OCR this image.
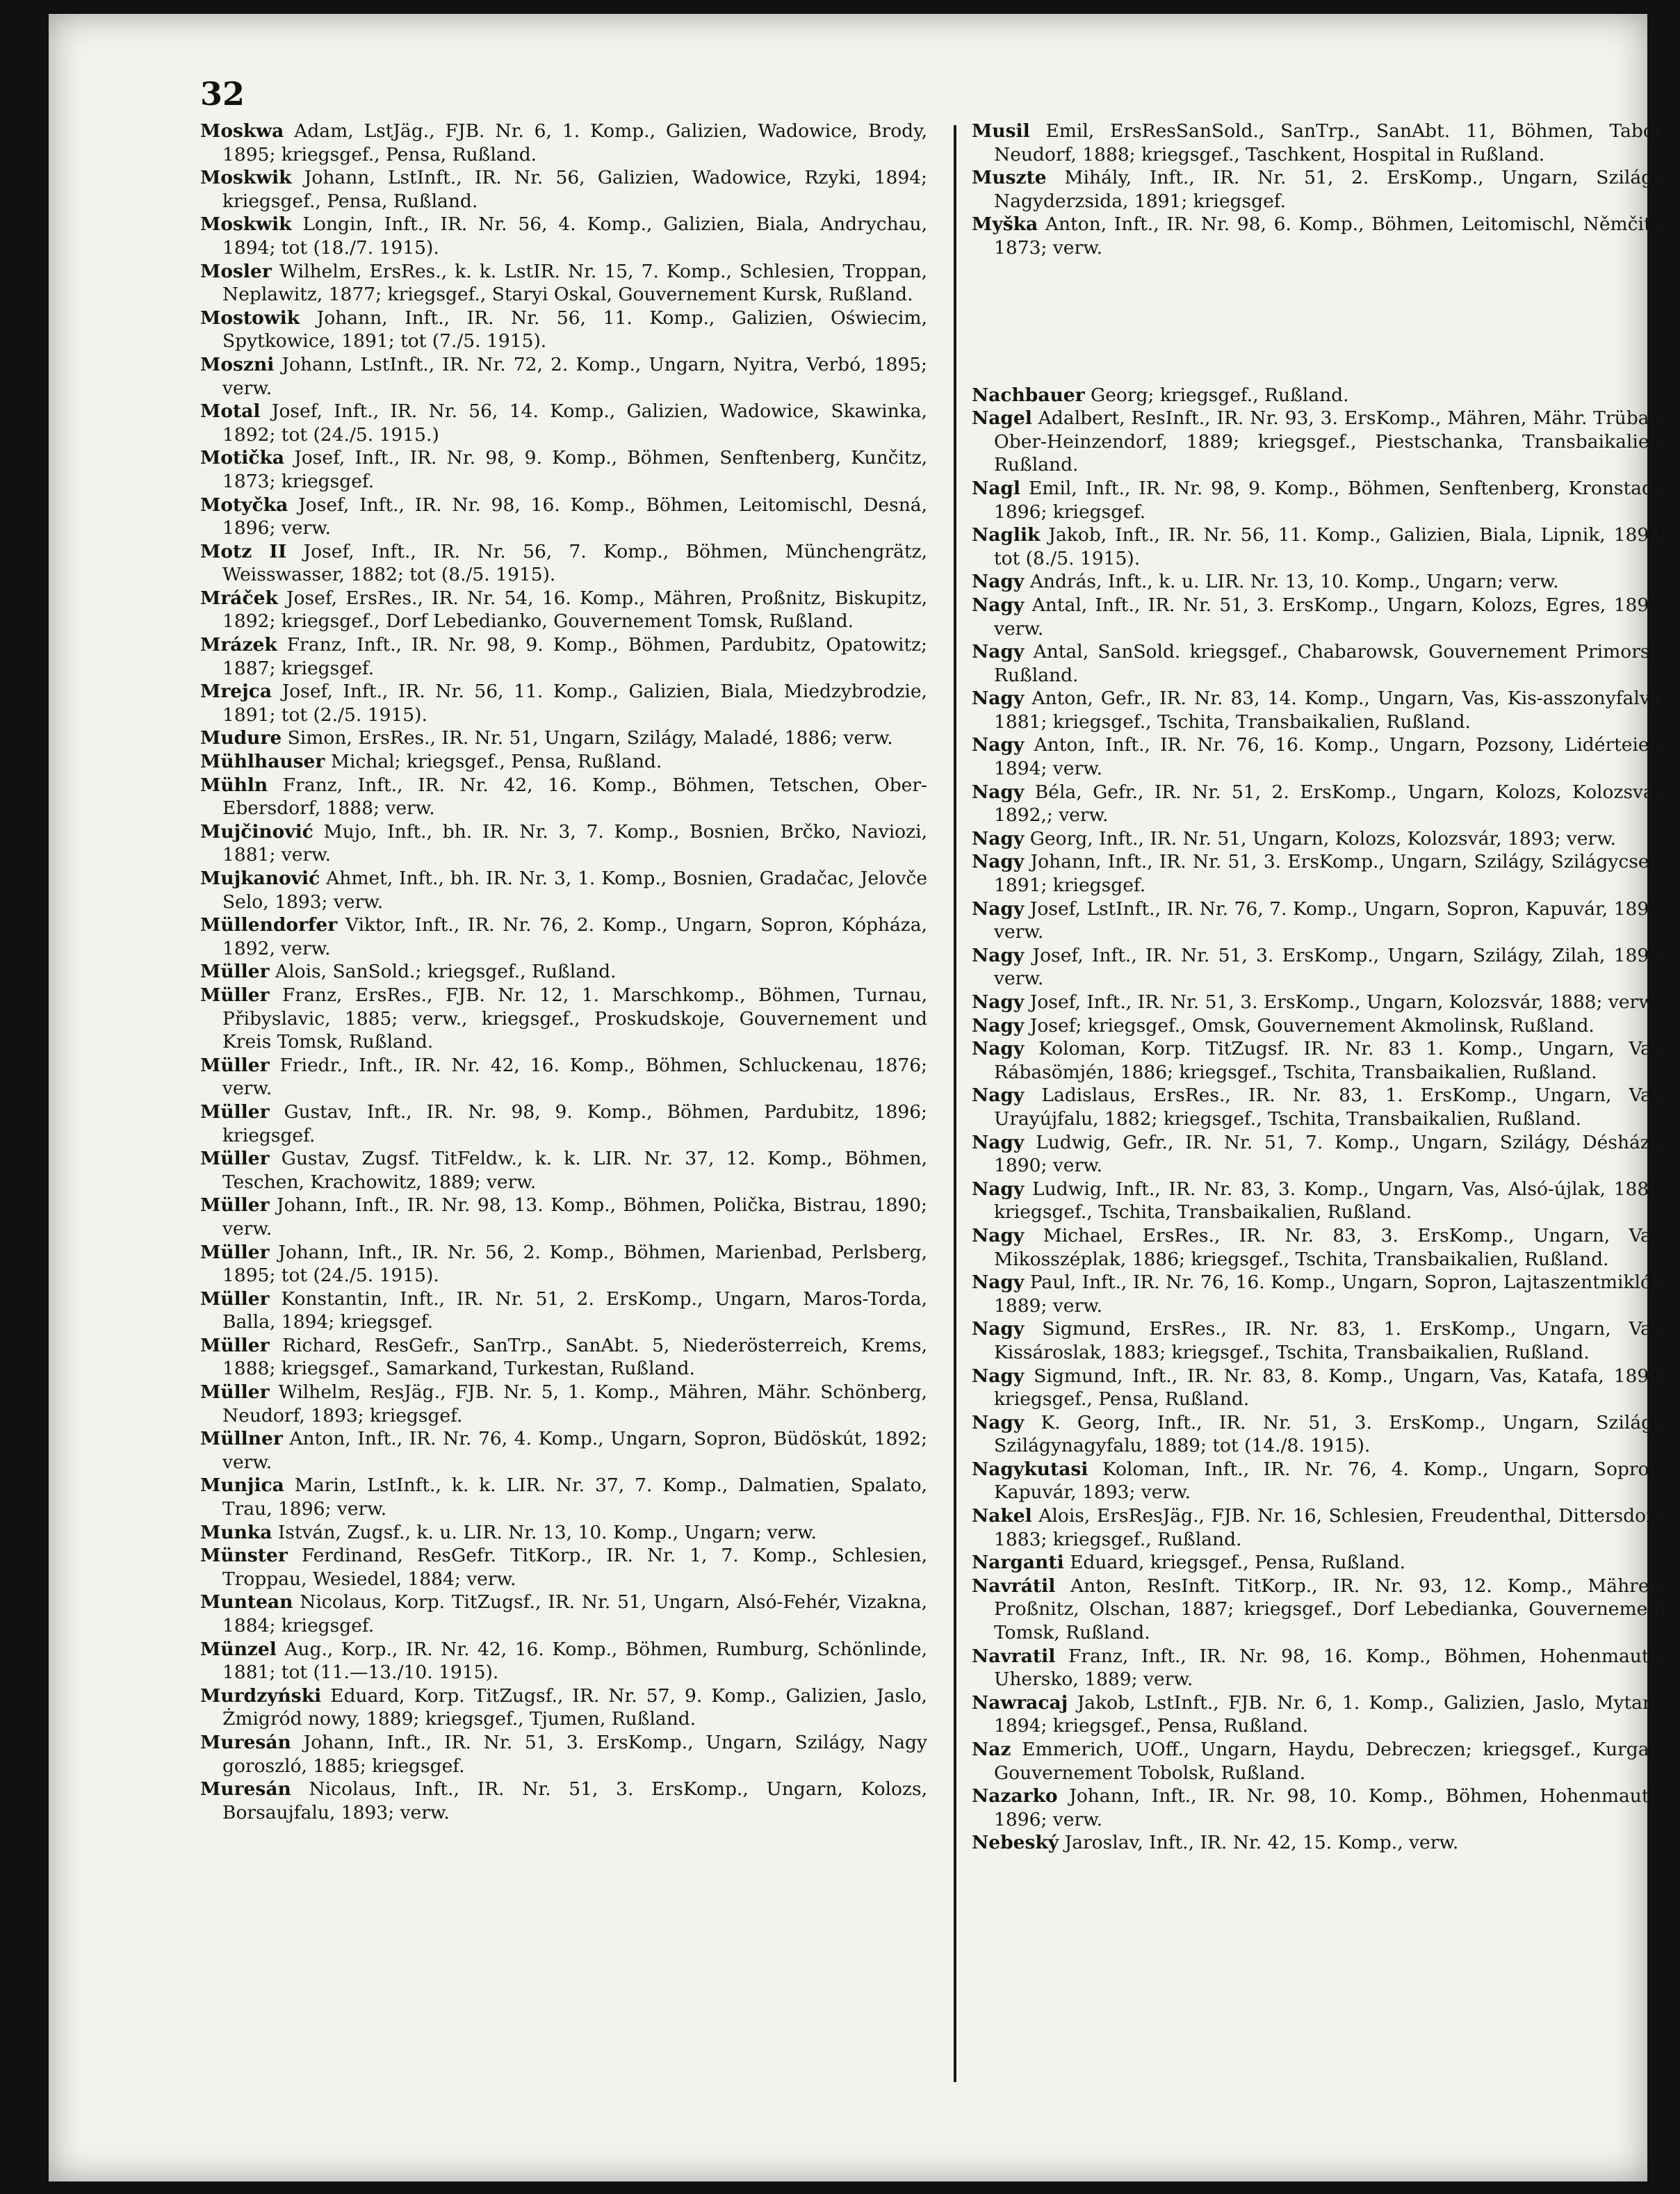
32

Moskwa Adam, LstJäg., FJB. Nr. 6, 1. Komp., Galizien, Wadowice, Brody, 1895; kriegsgef., Pensa, Rußland.

Moskwik Johann, LstInft., IR. Nr. 56, Galizien, Wadowice, Rzyki, 1894; kriegsgef., Pensa, Rußland.

Moskwik Longin, Inft., IR. Nr. 56, 4. Komp., Galizien, Biala, Andrychau, 1894; tot (18./7. 1915).

Mosler Wilhelm, ErsRes., k. k. LstIR. Nr. 15, 7. Komp., Schlesien, Troppan, Neplawitz, 1877; kriegsgef., Staryi Oskal, Gouvernement Kursk, Rußland.

Mostowik Johann, Inft., IR. Nr. 56, 11. Komp., Galizien, Oświecim, Spytkowice, 1891; tot (7./5. 1915).

Moszni Johann, LstInft., IR. Nr. 72, 2. Komp., Ungarn, Nyitra, Verbó, 1895; verw.

Motal Josef, Inft., IR. Nr. 56, 14. Komp., Galizien, Wadowice, Skawinka, 1892; tot (24./5. 1915.)

Motička Josef, Inft., IR. Nr. 98, 9. Komp., Böhmen, Senftenberg, Kunčitz, 1873; kriegsgef.

Motyčka Josef, Inft., IR. Nr. 98, 16. Komp., Böhmen, Leitomischl, Desná, 1896; verw.

Motz II Josef, Inft., IR. Nr. 56, 7. Komp., Böhmen, Münchengrätz, Weisswasser, 1882; tot (8./5. 1915).

Mráček Josef, ErsRes., IR. Nr. 54, 16. Komp., Mähren, Proßnitz, Biskupitz, 1892; kriegsgef., Dorf Lebedianko, Gouvernement Tomsk, Rußland.

Mrázek Franz, Inft., IR. Nr. 98, 9. Komp., Böhmen, Pardubitz, Opatowitz; 1887; kriegsgef.

Mrejca Josef, Inft., IR. Nr. 56, 11. Komp., Galizien, Biala, Miedzybrodzie, 1891; tot (2./5. 1915).

Mudure Simon, ErsRes., IR. Nr. 51, Ungarn, Szilágy, Maladé, 1886; verw.

Mühlhauser Michal; kriegsgef., Pensa, Rußland.

Mühln Franz, Inft., IR. Nr. 42, 16. Komp., Böhmen, Tetschen, Ober-Ebersdorf, 1888; verw.

Mujčinović Mujo, Inft., bh. IR. Nr. 3, 7. Komp., Bosnien, Brčko, Naviozi, 1881; verw.

Mujkanović Ahmet, Inft., bh. IR. Nr. 3, 1. Komp., Bosnien, Gradačac, Jelovče Selo, 1893; verw.

Müllendorfer Viktor, Inft., IR. Nr. 76, 2. Komp., Ungarn, Sopron, Kópháza, 1892, verw.

Müller Alois, SanSold.; kriegsgef., Rußland.

Müller Franz, ErsRes., FJB. Nr. 12, 1. Marschkomp., Böhmen, Turnau, Přibyslavic, 1885; verw., kriegsgef., Proskudskoje, Gouvernement und Kreis Tomsk, Rußland.

Müller Friedr., Inft., IR. Nr. 42, 16. Komp., Böhmen, Schluckenau, 1876; verw.

Müller Gustav, Inft., IR. Nr. 98, 9. Komp., Böhmen, Pardubitz, 1896; kriegsgef.

Müller Gustav, Zugsf. TitFeldw., k. k. LIR. Nr. 37, 12. Komp., Böhmen, Teschen, Krachowitz, 1889; verw.

Müller Johann, Inft., IR. Nr. 98, 13. Komp., Böhmen, Polička, Bistrau, 1890; verw.

Müller Johann, Inft., IR. Nr. 56, 2. Komp., Böhmen, Marienbad, Perlsberg, 1895; tot (24./5. 1915).

Müller Konstantin, Inft., IR. Nr. 51, 2. ErsKomp., Ungarn, Maros-Torda, Balla, 1894; kriegsgef.

Müller Richard, ResGefr., SanTrp., SanAbt. 5, Niederösterreich, Krems, 1888; kriegsgef., Samarkand, Turkestan, Rußland.

Müller Wilhelm, ResJäg., FJB. Nr. 5, 1. Komp., Mähren, Mähr. Schönberg, Neudorf, 1893; kriegsgef.

Müllner Anton, Inft., IR. Nr. 76, 4. Komp., Ungarn, Sopron, Büdöskút, 1892; verw.

Munjica Marin, LstInft., k. k. LIR. Nr. 37, 7. Komp., Dalmatien, Spalato, Trau, 1896; verw.

Munka István, Zugsf., k. u. LIR. Nr. 13, 10. Komp., Ungarn; verw.

Münster Ferdinand, ResGefr. TitKorp., IR. Nr. 1, 7. Komp., Schlesien, Troppau, Wesiedel, 1884; verw.

Muntean Nicolaus, Korp. TitZugsf., IR. Nr. 51, Ungarn, Alsó-Fehér, Vizakna, 1884; kriegsgef.

Münzel Aug., Korp., IR. Nr. 42, 16. Komp., Böhmen, Rumburg, Schönlinde, 1881; tot (11.—13./10. 1915).

Murdzyński Eduard, Korp. TitZugsf., IR. Nr. 57, 9. Komp., Galizien, Jaslo, Żmigród nowy, 1889; kriegsgef., Tjumen, Rußland.

Muresán Johann, Inft., IR. Nr. 51, 3. ErsKomp., Ungarn, Szilágy, Nagy goroszló, 1885; kriegsgef.

Muresán Nicolaus, Inft., IR. Nr. 51, 3. ErsKomp., Ungarn, Kolozs, Borsaujfalu, 1893; verw.

Musil Emil, ErsResSanSold., SanTrp., SanAbt. 11, Böhmen, Tabor, Neudorf, 1888; kriegsgef., Taschkent, Hospital in Rußland.

Muszte Mihály, Inft., IR. Nr. 51, 2. ErsKomp., Ungarn, Szilágy, Nagyderzsida, 1891; kriegsgef.

Myška Anton, Inft., IR. Nr. 98, 6. Komp., Böhmen, Leitomischl, Němčitz, 1873; verw.

Nachbauer Georg; kriegsgef., Rußland.

Nagel Adalbert, ResInft., IR. Nr. 93, 3. ErsKomp., Mähren, Mähr. Trübau, Ober-Heinzendorf, 1889; kriegsgef., Piestschanka, Transbaikalien, Rußland.

Nagl Emil, Inft., IR. Nr. 98, 9. Komp., Böhmen, Senftenberg, Kronstadt, 1896; kriegsgef.

Naglik Jakob, Inft., IR. Nr. 56, 11. Komp., Galizien, Biala, Lipnik, 1894; tot (8./5. 1915).

Nagy András, Inft., k. u. LIR. Nr. 13, 10. Komp., Ungarn; verw.

Nagy Antal, Inft., IR. Nr. 51, 3. ErsKomp., Ungarn, Kolozs, Egres, 1895; verw.

Nagy Antal, SanSold. kriegsgef., Chabarowsk, Gouvernement Primorsk, Rußland.

Nagy Anton, Gefr., IR. Nr. 83, 14. Komp., Ungarn, Vas, Kis-asszonyfalva, 1881; kriegsgef., Tschita, Transbaikalien, Rußland.

Nagy Anton, Inft., IR. Nr. 76, 16. Komp., Ungarn, Pozsony, Lidérteied, 1894; verw.

Nagy Béla, Gefr., IR. Nr. 51, 2. ErsKomp., Ungarn, Kolozs, Kolozsvár, 1892,; verw.

Nagy Georg, Inft., IR. Nr. 51, Ungarn, Kolozs, Kolozsvár, 1893; verw.

Nagy Johann, Inft., IR. Nr. 51, 3. ErsKomp., Ungarn, Szilágy, Szilágycseh, 1891; kriegsgef.

Nagy Josef, LstInft., IR. Nr. 76, 7. Komp., Ungarn, Sopron, Kapuvár, 1895; verw.

Nagy Josef, Inft., IR. Nr. 51, 3. ErsKomp., Ungarn, Szilágy, Zilah, 1895; verw.

Nagy Josef, Inft., IR. Nr. 51, 3. ErsKomp., Ungarn, Kolozsvár, 1888; verw.

Nagy Josef; kriegsgef., Omsk, Gouvernement Akmolinsk, Rußland.

Nagy Koloman, Korp. TitZugsf. IR. Nr. 83 1. Komp., Ungarn, Vas, Rábasömjén, 1886; kriegsgef., Tschita, Transbaikalien, Rußland.

Nagy Ladislaus, ErsRes., IR. Nr. 83, 1. ErsKomp., Ungarn, Vas, Urayújfalu, 1882; kriegsgef., Tschita, Transbaikalien, Rußland.

Nagy Ludwig, Gefr., IR. Nr. 51, 7. Komp., Ungarn, Szilágy, Désháza, 1890; verw.

Nagy Ludwig, Inft., IR. Nr. 83, 3. Komp., Ungarn, Vas, Alsó-újlak, 1886; kriegsgef., Tschita, Transbaikalien, Rußland.

Nagy Michael, ErsRes., IR. Nr. 83, 3. ErsKomp., Ungarn, Vas, Mikosszéplak, 1886; kriegsgef., Tschita, Transbaikalien, Rußland.

Nagy Paul, Inft., IR. Nr. 76, 16. Komp., Ungarn, Sopron, Lajtaszentmiklós, 1889; verw.

Nagy Sigmund, ErsRes., IR. Nr. 83, 1. ErsKomp., Ungarn, Vas, Kissároslak, 1883; kriegsgef., Tschita, Transbaikalien, Rußland.

Nagy Sigmund, Inft., IR. Nr. 83, 8. Komp., Ungarn, Vas, Katafa, 1890; kriegsgef., Pensa, Rußland.

Nagy K. Georg, Inft., IR. Nr. 51, 3. ErsKomp., Ungarn, Szilágy, Szilágynagyfalu, 1889; tot (14./8. 1915).

Nagykutasi Koloman, Inft., IR. Nr. 76, 4. Komp., Ungarn, Sopron, Kapuvár, 1893; verw.

Nakel Alois, ErsResJäg., FJB. Nr. 16, Schlesien, Freudenthal, Dittersdorf, 1883; kriegsgef., Rußland.

Narganti Eduard, kriegsgef., Pensa, Rußland.

Navrátil Anton, ResInft. TitKorp., IR. Nr. 93, 12. Komp., Mähren, Proßnitz, Olschan, 1887; kriegsgef., Dorf Lebedianka, Gouvernement Tomsk, Rußland.

Navratil Franz, Inft., IR. Nr. 98, 16. Komp., Böhmen, Hohenmauth, Uhersko, 1889; verw.

Nawracaj Jakob, LstInft., FJB. Nr. 6, 1. Komp., Galizien, Jaslo, Mytarz, 1894; kriegsgef., Pensa, Rußland.

Naz Emmerich, UOff., Ungarn, Haydu, Debreczen; kriegsgef., Kurgan, Gouvernement Tobolsk, Rußland.

Nazarko Johann, Inft., IR. Nr. 98, 10. Komp., Böhmen, Hohenmauth, 1896; verw.

Nebeský Jaroslav, Inft., IR. Nr. 42, 15. Komp., verw.
